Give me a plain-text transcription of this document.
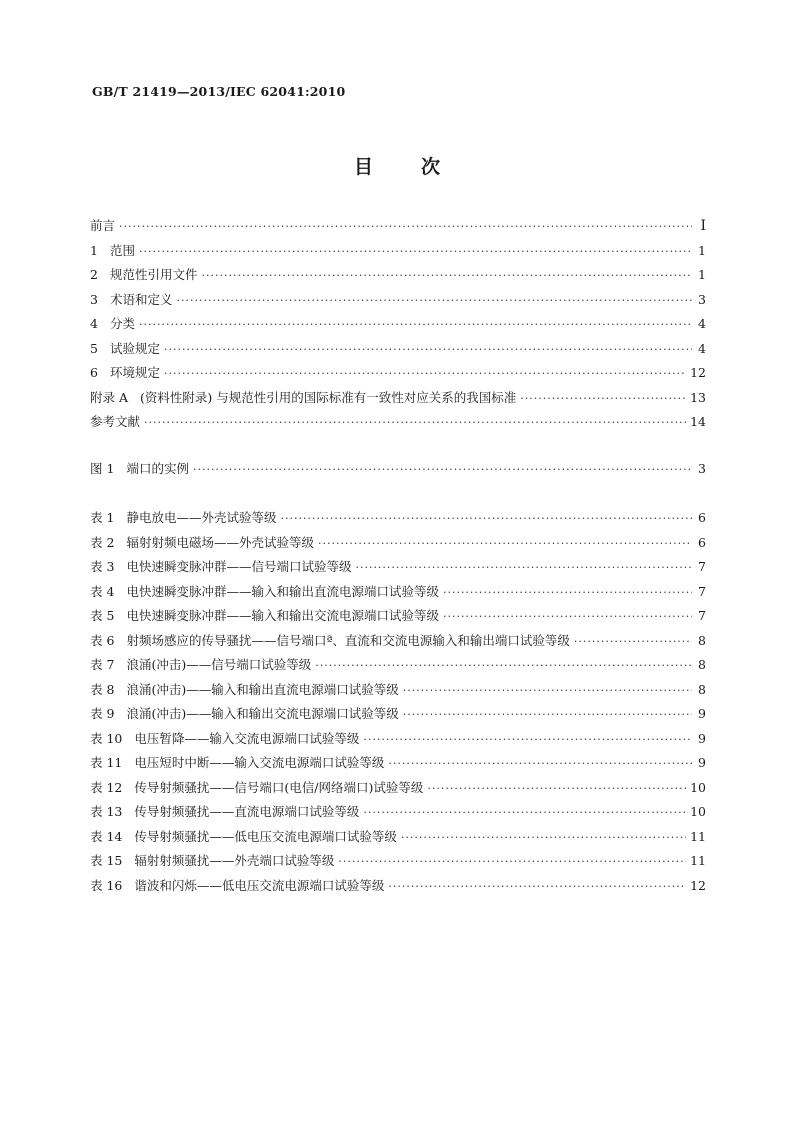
GB/T 21419—2013/IEC 62041:2010
目次
前言 ·····	Ⅰ
1 范围 ·····	1
2 规范性引用文件 ·····	1
3 术语和定义 ·····	3
4 分类 ·····	4
5 试验规定 ·····	4
6 环境规定 ·····	12
附录 A (资料性附录) 与规范性引用的国际标准有一致性对应关系的我国标准 ·····	13
参考文献 ·····	14
图 1 端口的实例 ·····	3
表 1 静电放电——外壳试验等级 ·····	6
表 2 辐射射频电磁场——外壳试验等级 ·····	6
表 3 电快速瞬变脉冲群——信号端口试验等级 ·····	7
表 4 电快速瞬变脉冲群——输入和输出直流电源端口试验等级 ·····	7
表 5 电快速瞬变脉冲群——输入和输出交流电源端口试验等级 ·····	7
表 6 射频场感应的传导骚扰——信号端口ª、直流和交流电源输入和输出端口试验等级 ·····	8
表 7 浪涌(冲击)——信号端口试验等级 ·····	8
表 8 浪涌(冲击)——输入和输出直流电源端口试验等级 ·····	8
表 9 浪涌(冲击)——输入和输出交流电源端口试验等级 ·····	9
表 10 电压暂降——输入交流电源端口试验等级 ·····	9
表 11 电压短时中断——输入交流电源端口试验等级 ·····	9
表 12 传导射频骚扰——信号端口(电信/网络端口)试验等级 ·····	10
表 13 传导射频骚扰——直流电源端口试验等级 ·····	10
表 14 传导射频骚扰——低电压交流电源端口试验等级 ·····	11
表 15 辐射射频骚扰——外壳端口试验等级 ·····	11
表 16 谐波和闪烁——低电压交流电源端口试验等级 ·····	12
